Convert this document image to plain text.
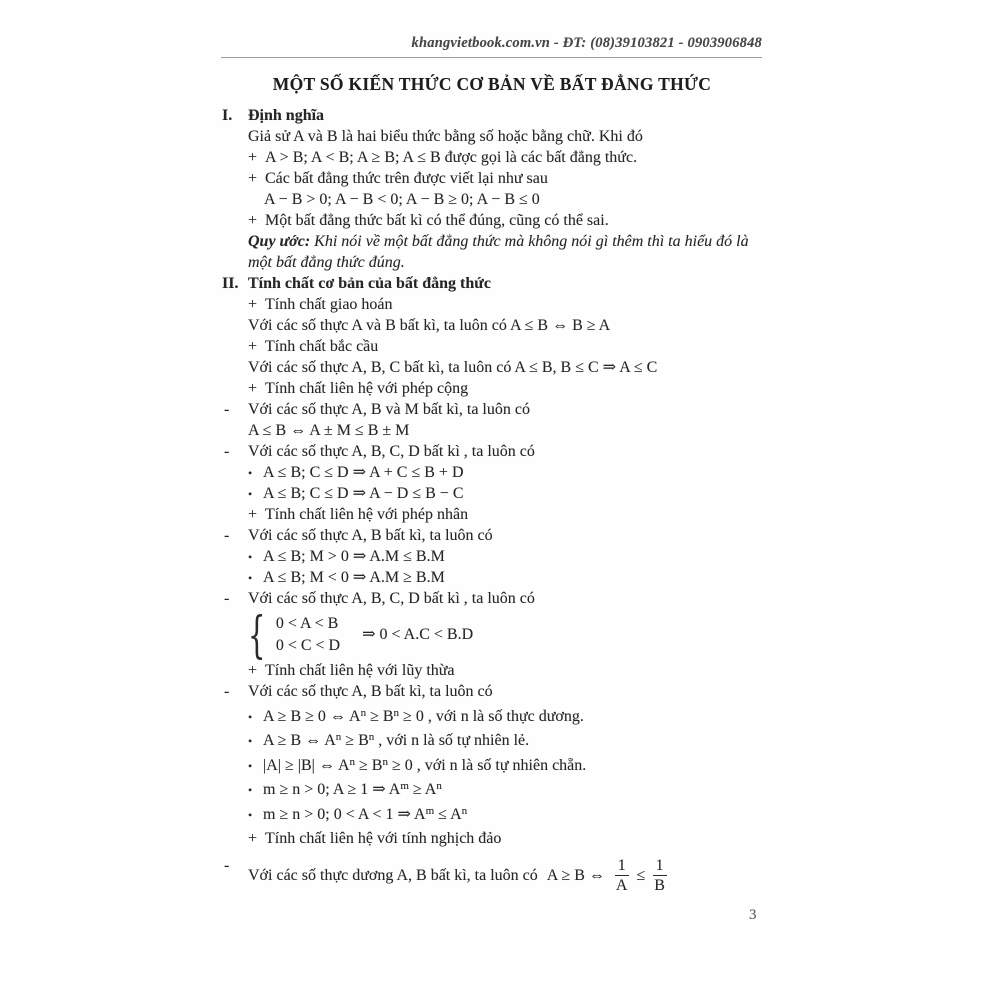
khangvietbook.com.vn - ĐT: (08)39103821 - 0903906848
MỘT SỐ KIẾN THỨC CƠ BẢN VỀ BẤT ĐẲNG THỨC
I. Định nghĩa
Giả sử A và B là hai biểu thức bằng số hoặc bằng chữ. Khi đó
+ A > B; A < B; A ≥ B; A ≤ B được gọi là các bất đẳng thức.
+ Các bất đẳng thức trên được viết lại như sau
A − B > 0; A − B < 0; A − B ≥ 0; A − B ≤ 0
+ Một bất đẳng thức bất kì có thể đúng, cũng có thể sai.
Quy ước: Khi nói về một bất đẳng thức mà không nói gì thêm thì ta hiểu đó là
một bất đẳng thức đúng.
II. Tính chất cơ bản của bất đẳng thức
+ Tính chất giao hoán
Với các số thực A và B bất kì, ta luôn có A ≤ B ⇔ B ≥ A
+ Tính chất bắc cầu
Với các số thực A, B, C bất kì, ta luôn có A ≤ B, B ≤ C ⇒ A ≤ C
+ Tính chất liên hệ với phép cộng
-	Với các số thực A, B và M bất kì, ta luôn có
A ≤ B ⇔ A ± M ≤ B ± M
-	Với các số thực A, B, C, D bất kì , ta luôn có
• A ≤ B; C ≤ D ⇒ A + C ≤ B + D
• A ≤ B; C ≤ D ⇒ A − D ≤ B − C
+ Tính chất liên hệ với phép nhân
-	Với các số thực A, B bất kì, ta luôn có
• A ≤ B; M > 0 ⇒ A.M ≤ B.M
• A ≤ B; M < 0 ⇒ A.M ≥ B.M
-	Với các số thực A, B, C, D bất kì , ta luôn có
{ 0 < A < B
0 < C < D
⇒ 0 < A.C < B.D
+ Tính chất liên hệ với lũy thừa
-	Với các số thực A, B bất kì, ta luôn có
• A ≥ B ≥ 0 ⇔ $A^n \ge B^n \ge 0$ , với n là số thực dương.
• A ≥ B ⇔ $A^n \ge B^n$ , với n là số tự nhiên lẻ.
• |A| ≥ |B| ⇔ $A^n \ge B^n \ge 0$ , với n là số tự nhiên chẵn.
• m ≥ n > 0; A ≥ 1 ⇒ $A^m \ge A^n$
• m ≥ n > 0; 0 < A < 1 ⇒ $A^m \le A^n$
+ Tính chất liên hệ với tính nghịch đảo
-
Với các số thực dương A, B bất kì, ta luôn có A ≥ B ⇔ $\frac{1}{A} \le \frac{1}{B}$
3
